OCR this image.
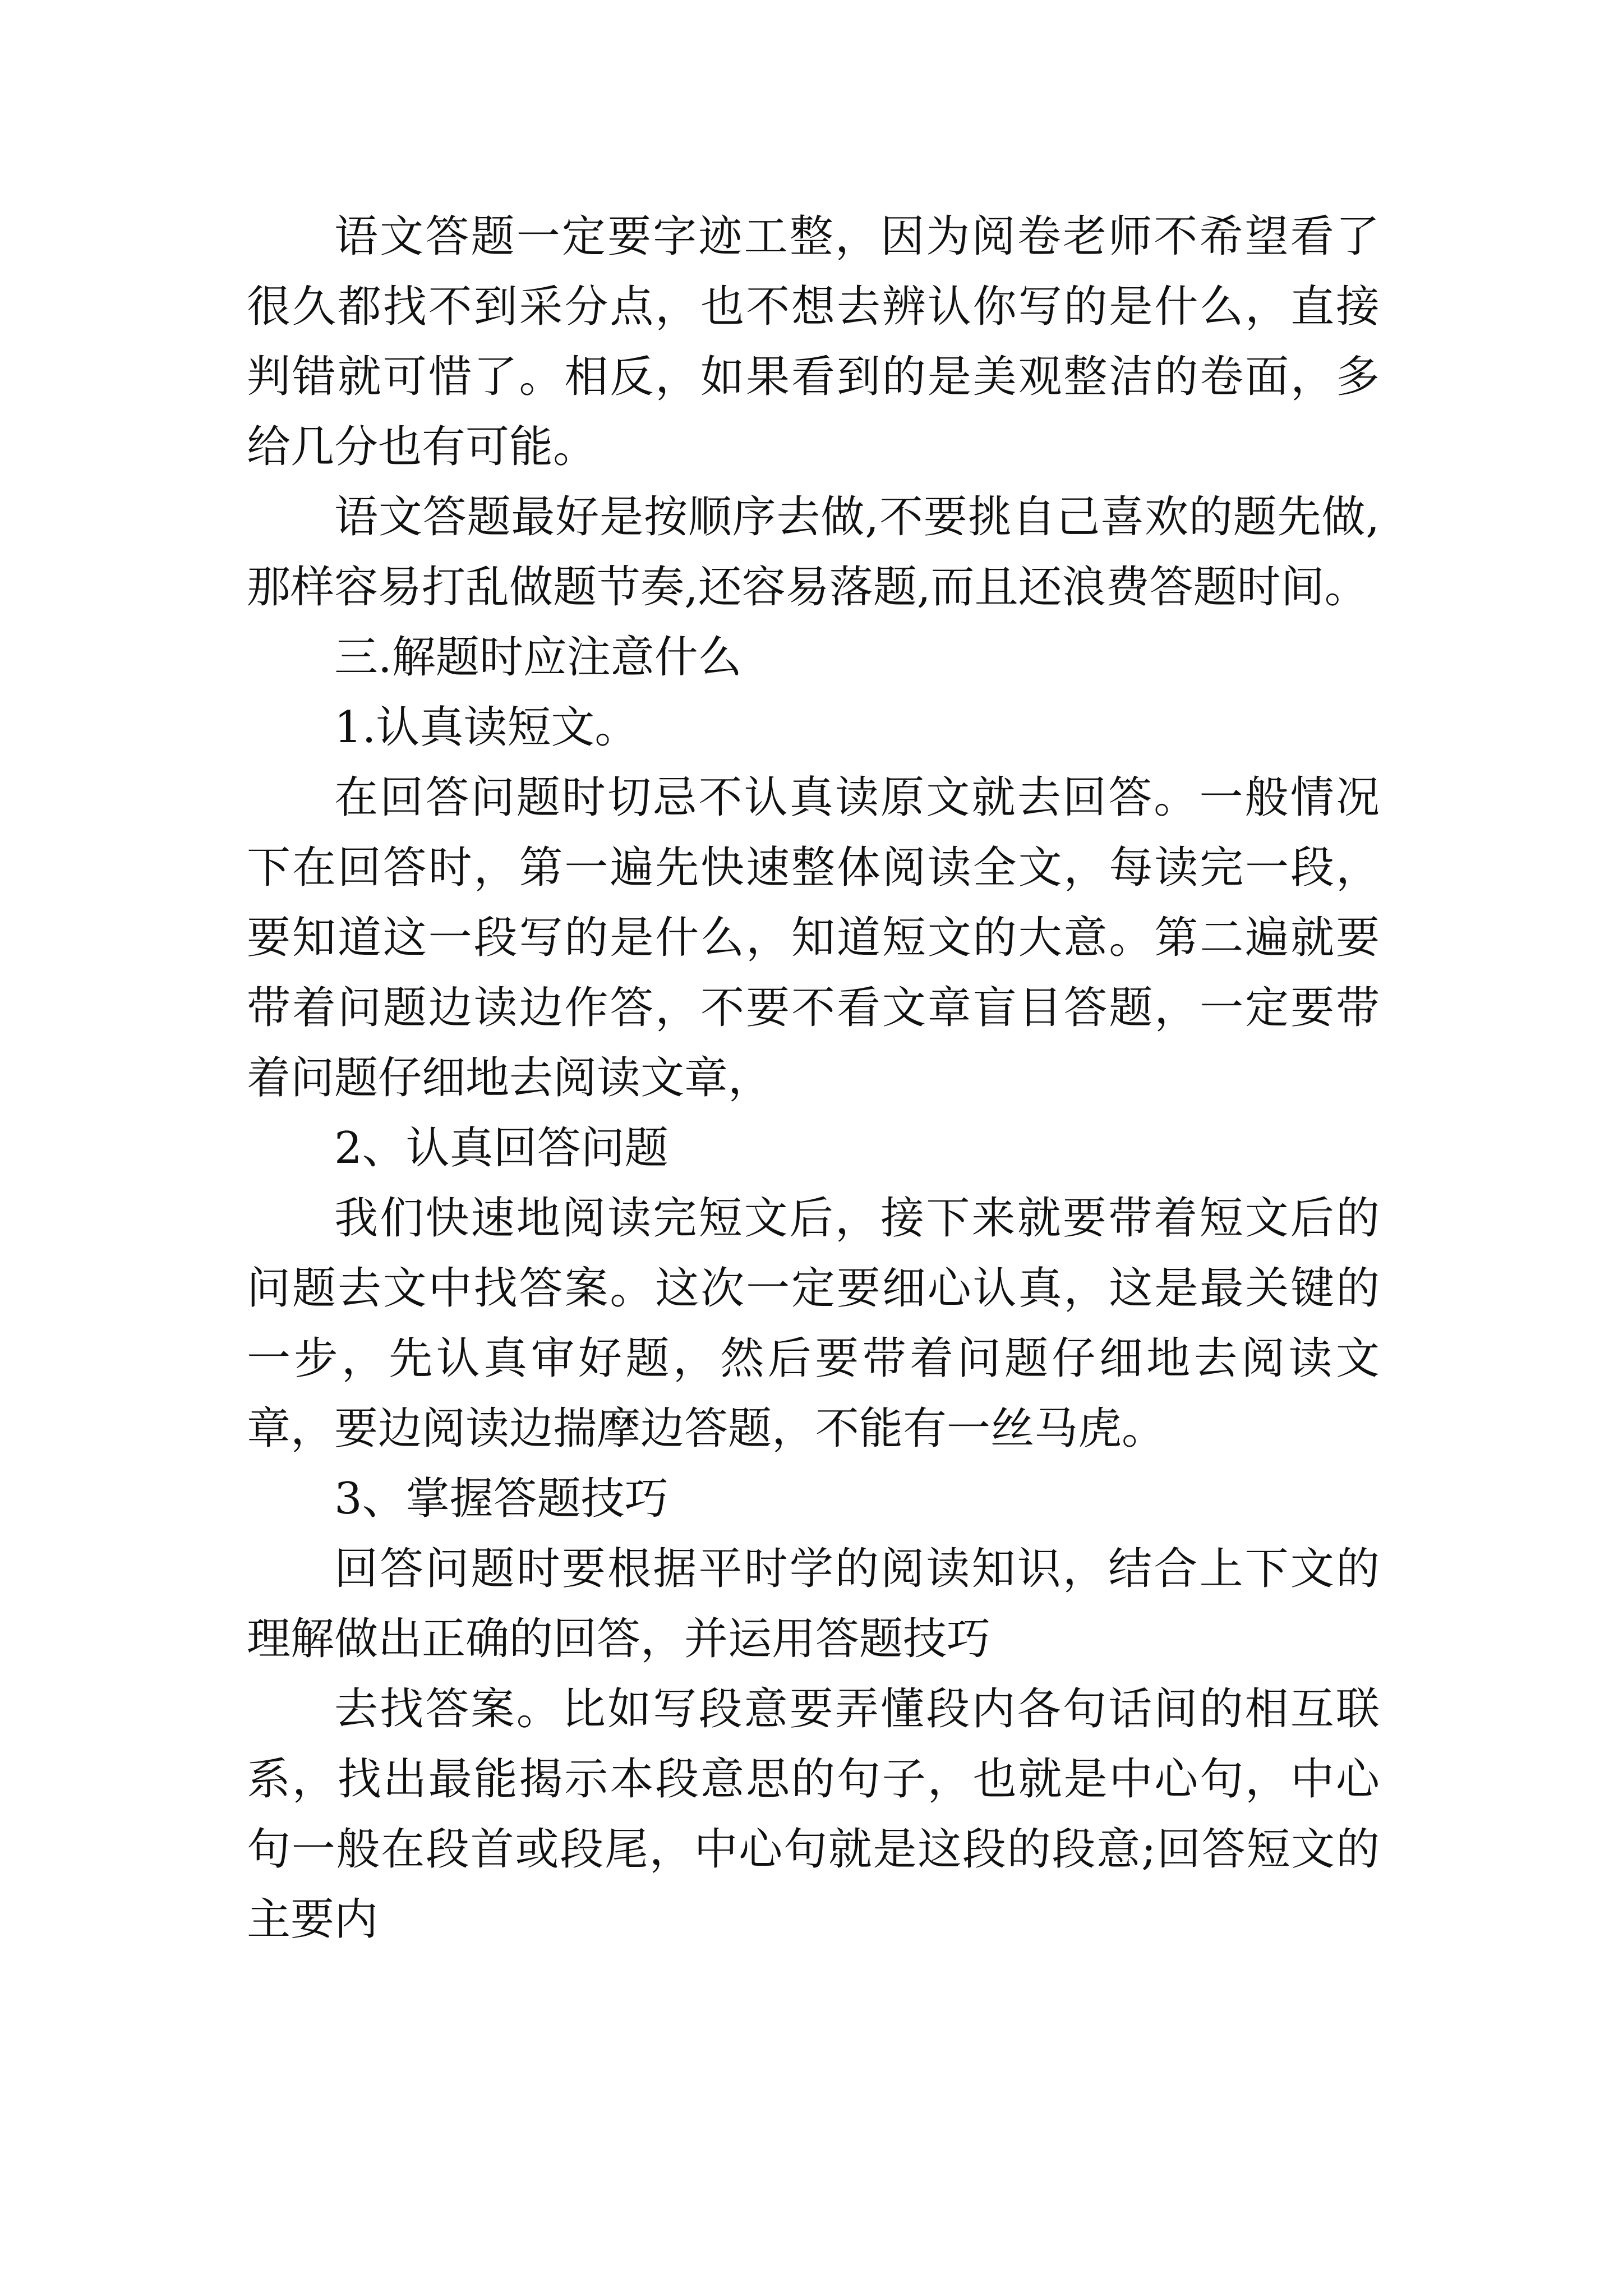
语文答题一定要字迹工整，因为阅卷老师不希望看了很久都找不到采分点，也不想去辨认你写的是什么，直接判错就可惜了。相反，如果看到的是美观整洁的卷面，多给几分也有可能。

语文答题最好是按顺序去做,不要挑自己喜欢的题先做,那样容易打乱做题节奏,还容易落题,而且还浪费答题时间。

三.解题时应注意什么

1.认真读短文。

在回答问题时切忌不认真读原文就去回答。一般情况下在回答时，第一遍先快速整体阅读全文，每读完一段，要知道这一段写的是什么，知道短文的大意。第二遍就要带着问题边读边作答，不要不看文章盲目答题，一定要带着问题仔细地去阅读文章，

2、认真回答问题

我们快速地阅读完短文后，接下来就要带着短文后的问题去文中找答案。这次一定要细心认真，这是最关键的一步，先认真审好题，然后要带着问题仔细地去阅读文章，要边阅读边揣摩边答题，不能有一丝马虎。

3、掌握答题技巧

回答问题时要根据平时学的阅读知识，结合上下文的理解做出正确的回答，并运用答题技巧

去找答案。比如写段意要弄懂段内各句话间的相互联系，找出最能揭示本段意思的句子，也就是中心句，中心句一般在段首或段尾，中心句就是这段的段意;回答短文的主要内
